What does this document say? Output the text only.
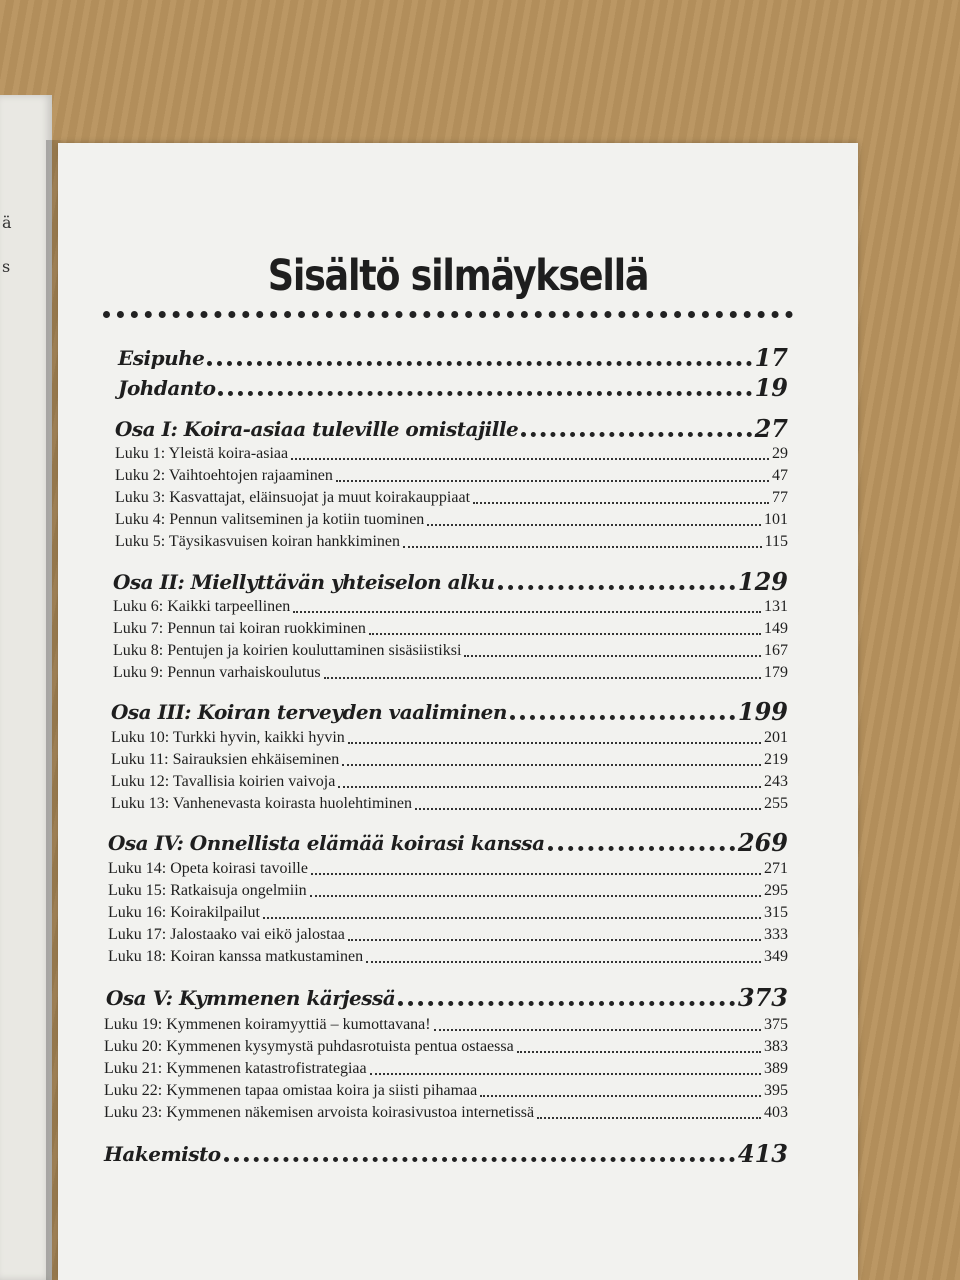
ä
s	Sisältö silmäyksellä
Esipuhe	17
Johdanto	19
Osa I: Koira-asiaa tuleville omistajille	27
Luku 1: Yleistä koira-asiaa	29
Luku 2: Vaihtoehtojen rajaaminen	47
Luku 3: Kasvattajat, eläinsuojat ja muut koirakauppiaat	77
Luku 4: Pennun valitseminen ja kotiin tuominen	101
Luku 5: Täysikasvuisen koiran hankkiminen	115
Osa II: Miellyttävän yhteiselon alku	129
Luku 6: Kaikki tarpeellinen	131
Luku 7: Pennun tai koiran ruokkiminen	149
Luku 8: Pentujen ja koirien kouluttaminen sisäsiistiksi	167
Luku 9: Pennun varhaiskoulutus	179
Osa III: Koiran terveyden vaaliminen	199
Luku 10: Turkki hyvin, kaikki hyvin	201
Luku 11: Sairauksien ehkäiseminen	219
Luku 12: Tavallisia koirien vaivoja	243
Luku 13: Vanhenevasta koirasta huolehtiminen	255
Osa IV: Onnellista elämää koirasi kanssa	269
Luku 14: Opeta koirasi tavoille	271
Luku 15: Ratkaisuja ongelmiin	295
Luku 16: Koirakilpailut	315
Luku 17: Jalostaako vai eikö jalostaa	333
Luku 18: Koiran kanssa matkustaminen	349
Osa V: Kymmenen kärjessä	373
Luku 19: Kymmenen koiramyyttiä – kumottavana!	375
Luku 20: Kymmenen kysymystä puhdasrotuista pentua ostaessa	383
Luku 21: Kymmenen katastrofistrategiaa	389
Luku 22: Kymmenen tapaa omistaa koira ja siisti pihamaa	395
Luku 23: Kymmenen näkemisen arvoista koirasivustoa internetissä	403
Hakemisto	413
